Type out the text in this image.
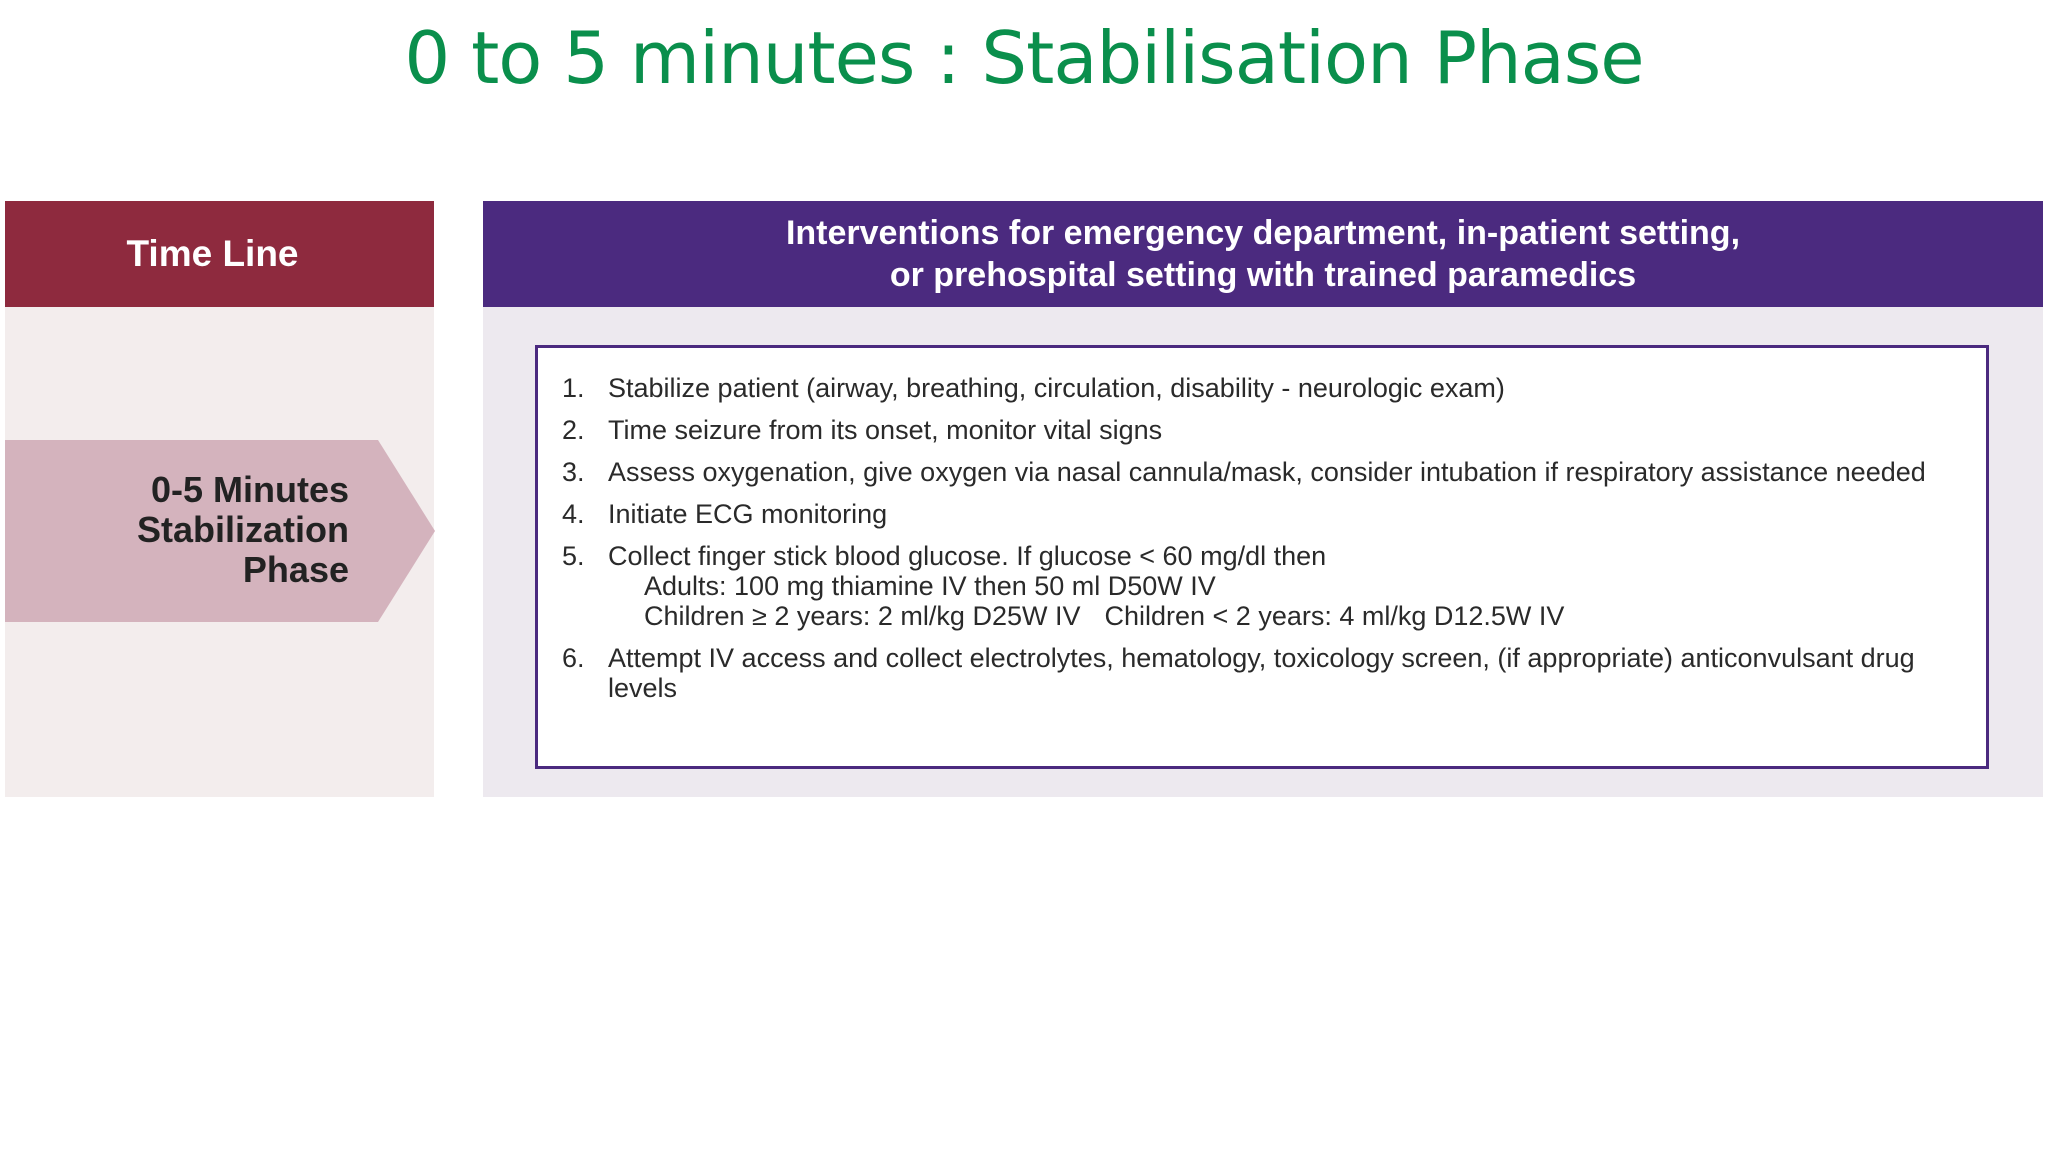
0 to 5 minutes : Stabilisation Phase
Time Line
0-5 Minutes
Stabilization
Phase
Interventions for emergency department, in-patient setting,
or prehospital setting with trained paramedics
1. Stabilize patient (airway, breathing, circulation, disability - neurologic exam)
2. Time seizure from its onset, monitor vital signs
3. Assess oxygenation, give oxygen via nasal cannula/mask, consider intubation if respiratory assistance needed
4. Initiate ECG monitoring
5. Collect finger stick blood glucose. If glucose < 60 mg/dl then
Adults: 100 mg thiamine IV then 50 ml D50W IV
Children ≥ 2 years: 2 ml/kg D25W IV Children < 2 years: 4 ml/kg D12.5W IV
6. Attempt IV access and collect electrolytes, hematology, toxicology screen, (if appropriate) anticonvulsant drug levels
